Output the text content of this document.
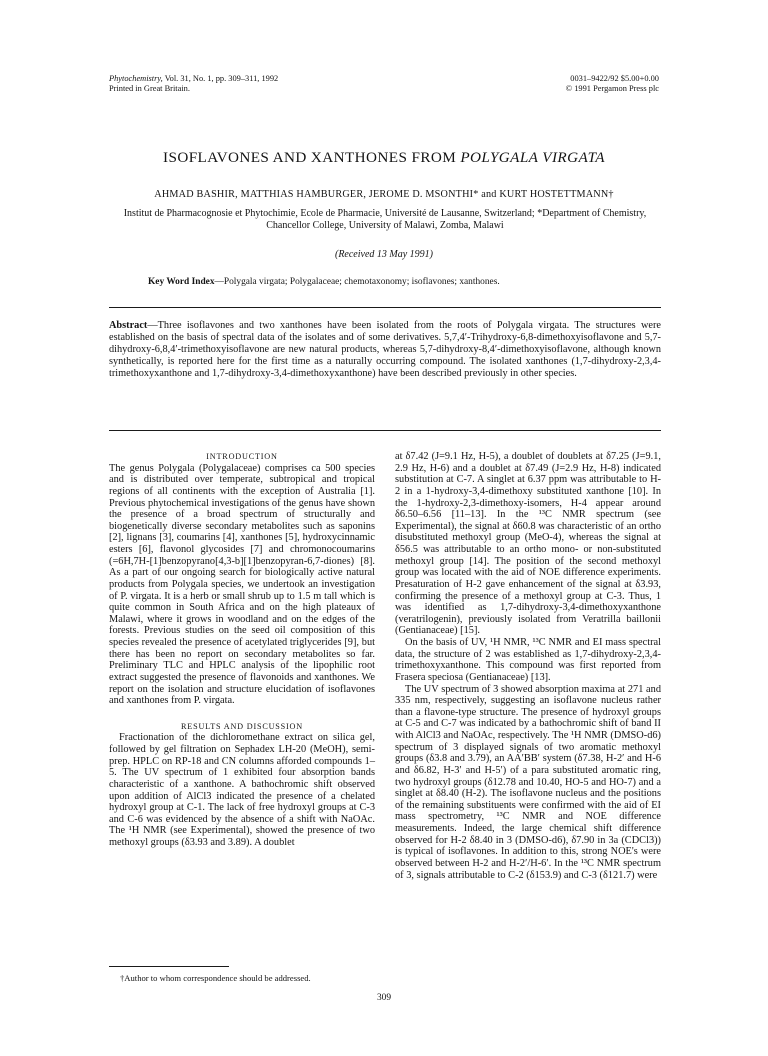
Phytochemistry, Vol. 31, No. 1, pp. 309–311, 1992
Printed in Great Britain.
0031–9422/92 $5.00+0.00
© 1991 Pergamon Press plc
ISOFLAVONES AND XANTHONES FROM POLYGALA VIRGATA
AHMAD BASHIR, MATTHIAS HAMBURGER, JEROME D. MSONTHI* and KURT HOSTETTMANN†
Institut de Pharmacognosie et Phytochimie, Ecole de Pharmacie, Université de Lausanne, Switzerland; *Department of Chemistry, Chancellor College, University of Malawi, Zomba, Malawi
(Received 13 May 1991)
Key Word Index—Polygala virgata; Polygalaceae; chemotaxonomy; isoflavones; xanthones.
Abstract—Three isoflavones and two xanthones have been isolated from the roots of Polygala virgata. The structures were established on the basis of spectral data of the isolates and of some derivatives. 5,7,4′-Trihydroxy-6,8-dimethoxyisoflavone and 5,7-dihydroxy-6,8,4′-trimethoxyisoflavone are new natural products, whereas 5,7-dihydroxy-8,4′-dimethoxyisoflavone, although known synthetically, is reported here for the first time as a naturally occurring compound. The isolated xanthones (1,7-dihydroxy-2,3,4-trimethoxyxanthone and 1,7-dihydroxy-3,4-dimethoxyxanthone) have been described previously in other species.

INTRODUCTION

The genus Polygala (Polygalaceae) comprises ca 500 species and is distributed over temperate, subtropical and tropical regions of all continents with the exception of Australia [1]. Previous phytochemical investigations of the genus have shown the presence of a broad spectrum of structurally and biogenetically diverse secondary metabolites such as saponins [2], lignans [3], coumarins [4], xanthones [5], hydroxycinnamic esters [6], flavonol glycosides [7] and chromonocoumarins (=6H,7H-[1]benzopyrano[4,3-b][1]benzopyran-6,7-diones) [8]. As a part of our ongoing search for biologically active natural products from Polygala species, we undertook an investigation of P. virgata. It is a herb or small shrub up to 1.5 m tall which is quite common in South Africa and on the high plateaux of Malawi, where it grows in woodland and on the edges of the forests. Previous studies on the seed oil composition of this species revealed the presence of acetylated triglycerides [9], but there has been no report on secondary metabolites so far. Preliminary TLC and HPLC analysis of the lipophilic root extract suggested the presence of flavonoids and xanthones. We report on the isolation and structure elucidation of isoflavones and xanthones from P. virgata.

RESULTS AND DISCUSSION

Fractionation of the dichloromethane extract on silica gel, followed by gel filtration on Sephadex LH-20 (MeOH), semi-prep. HPLC on RP-18 and CN columns afforded compounds 1–5. The UV spectrum of 1 exhibited four absorption bands characteristic of a xanthone. A bathochromic shift observed upon addition of AlCl3 indicated the presence of a chelated hydroxyl group at C-1. The lack of free hydroxyl groups at C-3 and C-6 was evidenced by the absence of a shift with NaOAc. The ¹H NMR (see Experimental), showed the presence of two methoxyl groups (δ3.93 and 3.89). A doublet

at δ7.42 (J=9.1 Hz, H-5), a doublet of doublets at δ7.25 (J=9.1, 2.9 Hz, H-6) and a doublet at δ7.49 (J=2.9 Hz, H-8) indicated substitution at C-7. A singlet at 6.37 ppm was attributable to H-2 in a 1-hydroxy-3,4-dimethoxy substituted xanthone [10]. In the 1-hydroxy-2,3-dimethoxy-isomers, H-4 appear around δ6.50–6.56 [11–13]. In the ¹³C NMR spectrum (see Experimental), the signal at δ60.8 was characteristic of an ortho disubstituted methoxyl group (MeO-4), whereas the signal at δ56.5 was attributable to an ortho mono- or non-substituted methoxyl group [14]. The position of the second methoxyl group was located with the aid of NOE difference experiments. Presaturation of H-2 gave enhancement of the signal at δ3.93, confirming the presence of a methoxyl group at C-3. Thus, 1 was identified as 1,7-dihydroxy-3,4-dimethoxyxanthone (veratrilogenin), previously isolated from Veratrilla baillonii (Gentianaceae) [15].

On the basis of UV, ¹H NMR, ¹³C NMR and EI mass spectral data, the structure of 2 was established as 1,7-dihydroxy-2,3,4-trimethoxyxanthone. This compound was first reported from Frasera speciosa (Gentianaceae) [13].

The UV spectrum of 3 showed absorption maxima at 271 and 335 nm, respectively, suggesting an isoflavone nucleus rather than a flavone-type structure. The presence of hydroxyl groups at C-5 and C-7 was indicated by a bathochromic shift of band II with AlCl3 and NaOAc, respectively. The ¹H NMR (DMSO-d6) spectrum of 3 displayed signals of two aromatic methoxyl groups (δ3.8 and 3.79), an AA′BB′ system (δ7.38, H-2′ and H-6 and δ6.82, H-3′ and H-5′) of a para substituted aromatic ring, two hydroxyl groups (δ12.78 and 10.40, HO-5 and HO-7) and a singlet at δ8.40 (H-2). The isoflavone nucleus and the positions of the remaining substituents were confirmed with the aid of EI mass spectrometry, ¹³C NMR and NOE difference measurements. Indeed, the large chemical shift difference observed for H-2 δ8.40 in 3 (DMSO-d6), δ7.90 in 3a (CDCl3)) is typical of isoflavones. In addition to this, strong NOE's were observed between H-2 and H-2′/H-6′. In the ¹³C NMR spectrum of 3, signals attributable to C-2 (δ153.9) and C-3 (δ121.7) were

†Author to whom correspondence should be addressed.
309
